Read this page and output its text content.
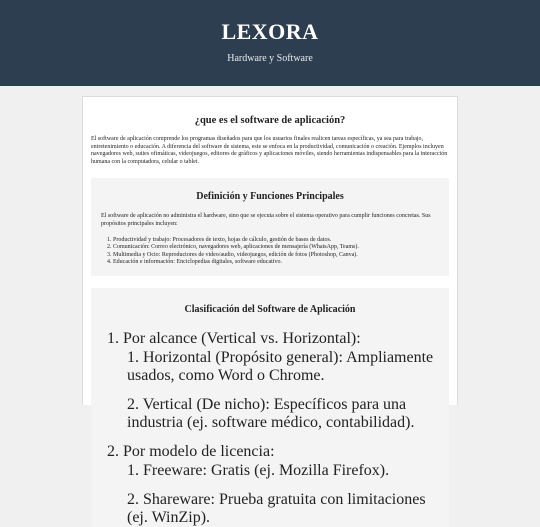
LEXORA
Hardware y Software
¿que es el software de aplicación?

El software de aplicación comprende los programas diseñados para que los usuarios finales realicen tareas específicas, ya sea para trabajo, entretenimiento o educación. A diferencia del software de sistema, este se enfoca en la productividad, comunicación o creación. Ejemplos incluyen navegadores web, suites ofimáticas, videojuegos, editores de gráficos y aplicaciones móviles, siendo herramientas indispensables para la interacción humana con la computadora, celular o tablet.

Definición y Funciones Principales

El software de aplicación no administra el hardware, sino que se ejecuta sobre el sistema operativo para cumplir funciones concretas. Sus propósitos principales incluyen:

1. Productividad y trabajo: Procesadores de texto, hojas de cálculo, gestión de bases de datos.
2. Comunicación: Correo electrónico, navegadores web, aplicaciones de mensajería (WhatsApp, Teams).
3. Multimedia y Ocio: Reproductores de video/audio, videojuegos, edición de fotos (Photoshop, Canva).
4. Educación e información: Enciclopedias digitales, software educativo.
Clasificación del Software de Aplicación
1. Por alcance (Vertical vs. Horizontal):
1. Horizontal (Propósito general): Ampliamente usados, como Word o Chrome.
2. Vertical (De nicho): Específicos para una industria (ej. software médico, contabilidad).
2. Por modelo de licencia:
1. Freeware: Gratis (ej. Mozilla Firefox).
2. Shareware: Prueba gratuita con limitaciones (ej. WinZip).
